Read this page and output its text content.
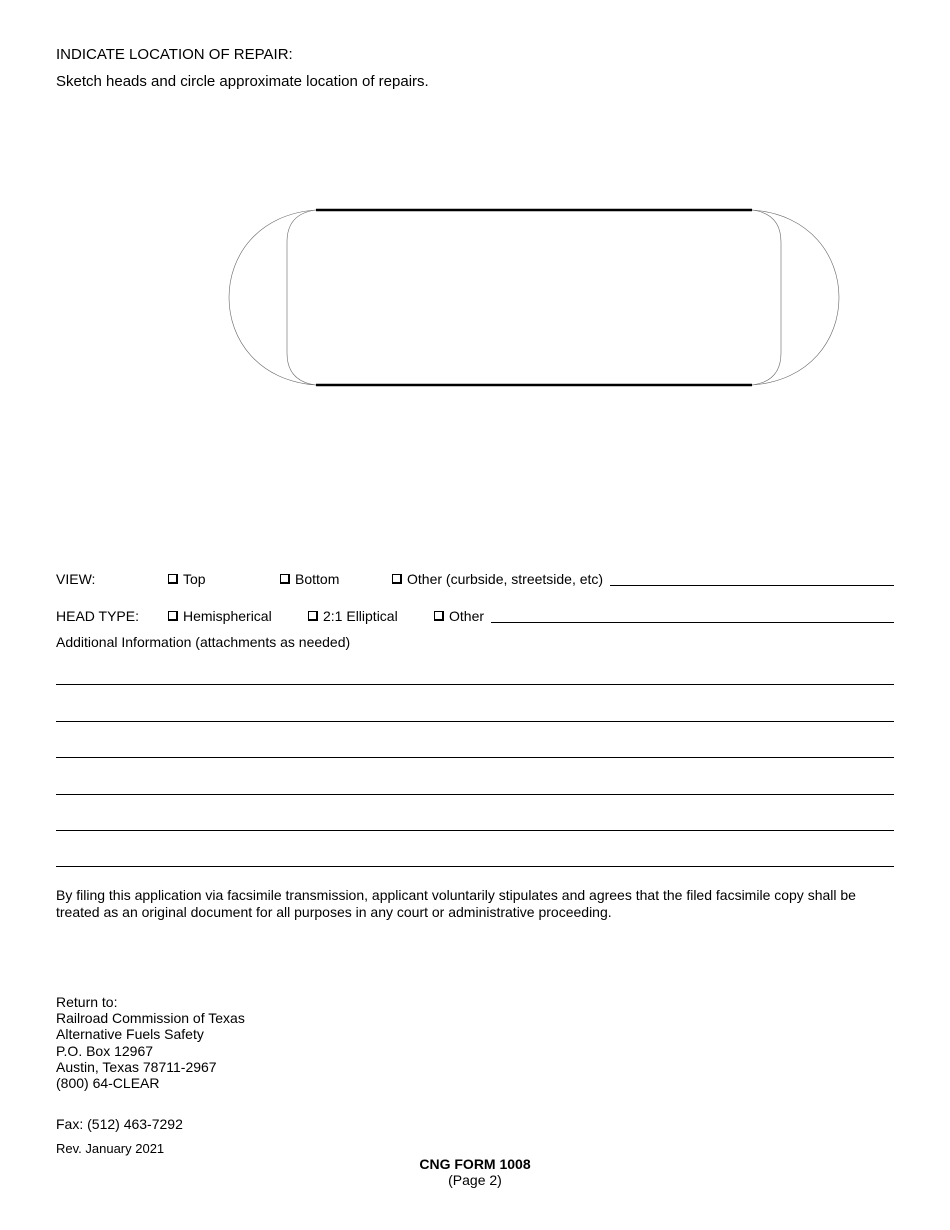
INDICATE LOCATION OF REPAIR:
Sketch heads and circle approximate location of repairs.
VIEW:	Top	Bottom	Other (curbside, streetside, etc)
HEAD TYPE:	Hemispherical	2:1 Elliptical	Other
Additional Information (attachments as needed)
By filing this application via facsimile transmission, applicant voluntarily stipulates and agrees that the filed facsimile copy shall be treated as an original document for all purposes in any court or administrative proceeding.
Return to:
Railroad Commission of Texas
Alternative Fuels Safety
P.O. Box 12967
Austin, Texas 78711-2967
(800) 64-CLEAR
Fax: (512) 463-7292
Rev. January 2021
CNG FORM 1008
(Page 2)
